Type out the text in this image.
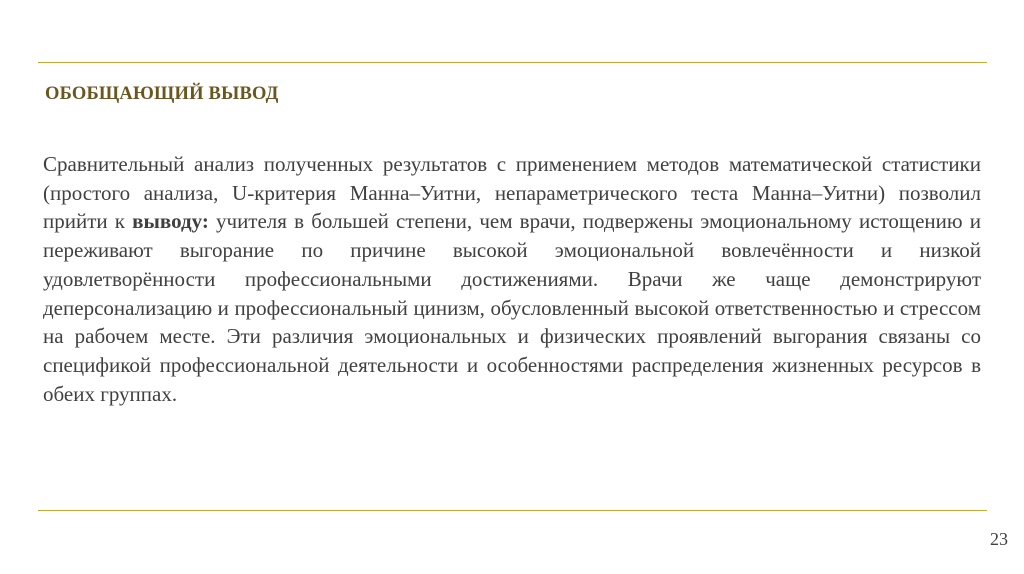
ОБОБЩАЮЩИЙ ВЫВОД

Сравнительный анализ полученных результатов с применением методов математической статистики (простого анализа, U-критерия Манна–Уитни, непараметрического теста Манна–Уитни) позволил прийти к выводу: учителя в большей степени, чем врачи, подвержены эмоциональному истощению и переживают выгорание по причине высокой эмоциональной вовлечённости и низкой удовлетворённости профессиональными достижениями. Врачи же чаще демонстрируют деперсонализацию и профессиональный цинизм, обусловленный высокой ответственностью и стрессом на рабочем месте. Эти различия эмоциональных и физических проявлений выгорания связаны со спецификой профессиональной деятельности и особенностями распределения жизненных ресурсов в обеих группах.

23
